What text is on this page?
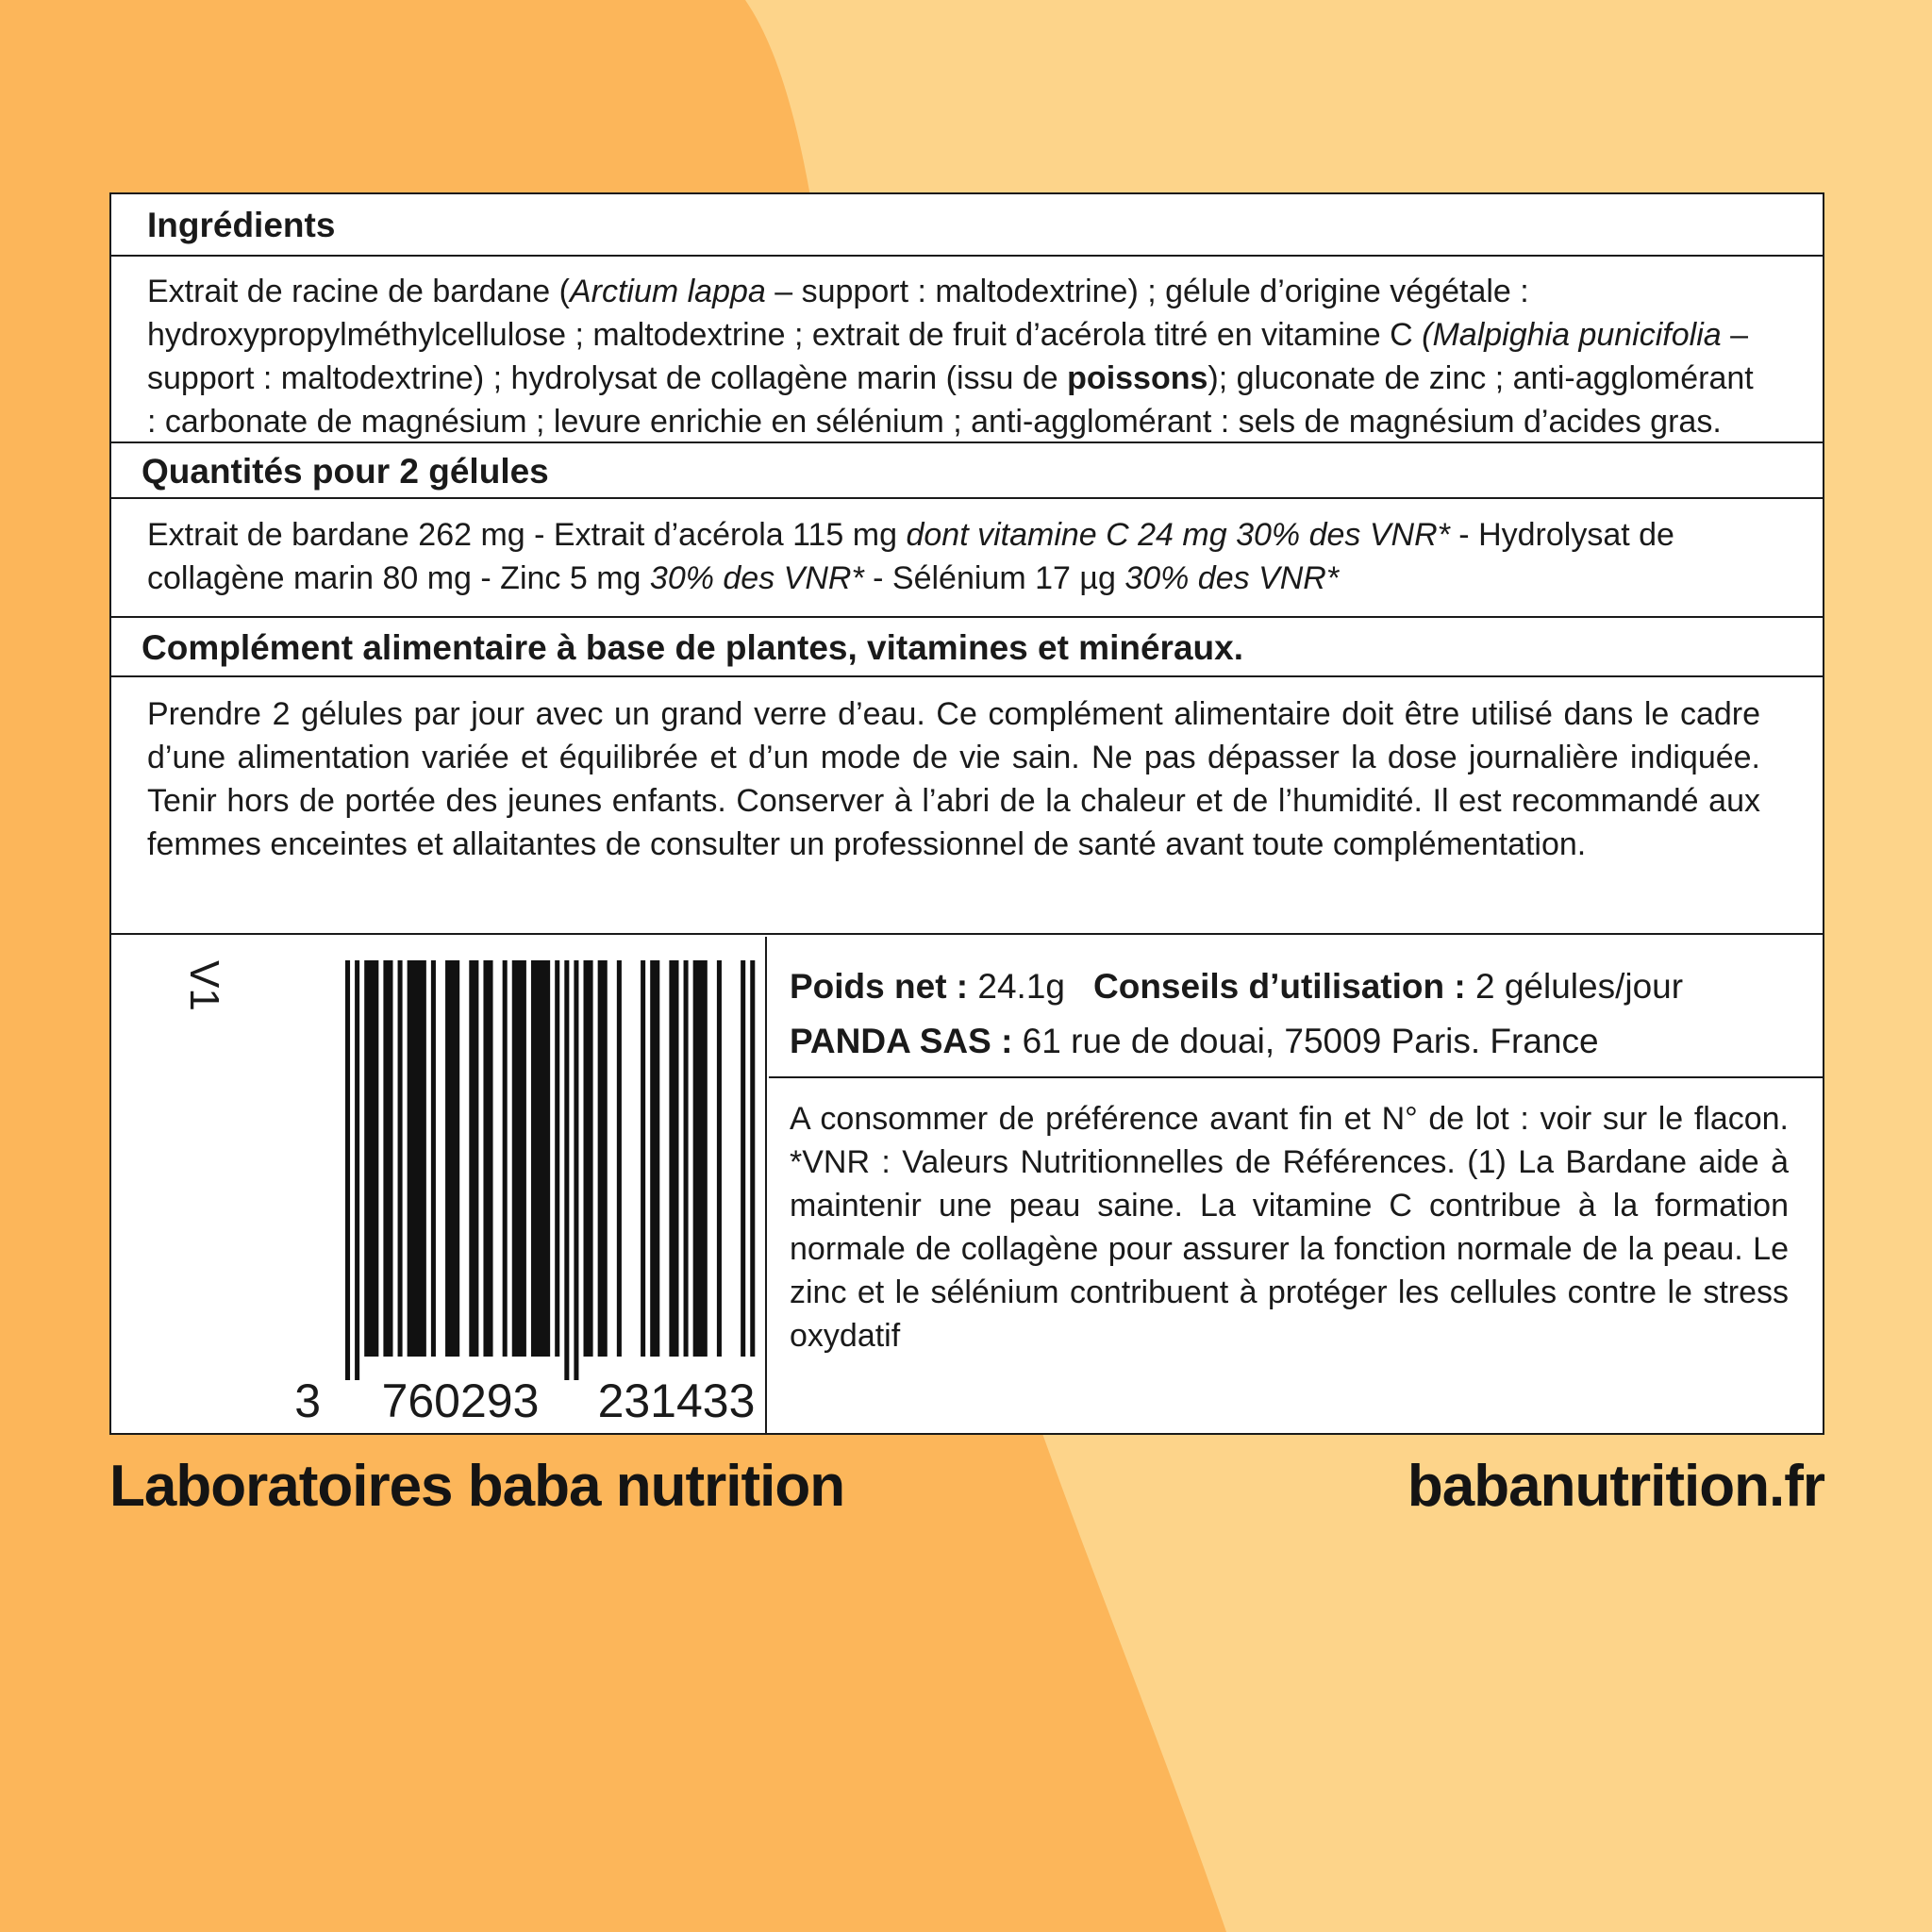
Ingrédients
Extrait de racine de bardane (Arctium lappa – support : maltodextrine) ; gélule d’origine végétale : hydroxypropylméthylcellulose ; maltodextrine ; extrait de fruit d’acérola titré en vitamine C (Malpighia punicifolia – support : maltodextrine) ; hydrolysat de collagène marin (issu de poissons); gluconate de zinc ; anti-agglomérant : carbonate de magnésium ; levure enrichie en sélénium ; anti-agglomérant : sels de magnésium d’acides gras.
Quantités pour 2 gélules
Extrait de bardane 262 mg - Extrait d’acérola 115 mg dont vitamine C 24 mg 30% des VNR* - Hydrolysat de collagène marin 80 mg - Zinc 5 mg 30% des VNR* - Sélénium 17 µg 30% des VNR*
Complément alimentaire à base de plantes, vitamines et minéraux.
Prendre 2 gélules par jour avec un grand verre d’eau. Ce complément alimentaire doit être utilisé dans le cadre d’une alimentation variée et équilibrée et d’un mode de vie sain. Ne pas dépasser la dose journalière indiquée. Tenir hors de portée des jeunes enfants. Conserver à l’abri de la chaleur et de l’humidité. Il est recommandé aux femmes enceintes et allaitantes de consulter un professionnel de santé avant toute complémentation.
V1
3 760293 231433
Poids net : 24.1g Conseils d’utilisation : 2 gélules/jour
PANDA SAS : 61 rue de douai, 75009 Paris. France
A consommer de préférence avant fin et N° de lot : voir sur le flacon. *VNR : Valeurs Nutritionnelles de Références. (1) La Bardane aide à maintenir une peau saine. La vitamine C contribue à la formation normale de collagène pour assurer la fonction normale de la peau. Le zinc et le sélénium contribuent à protéger les cellules contre le stress oxydatif
Laboratoires baba nutrition	babanutrition.fr
